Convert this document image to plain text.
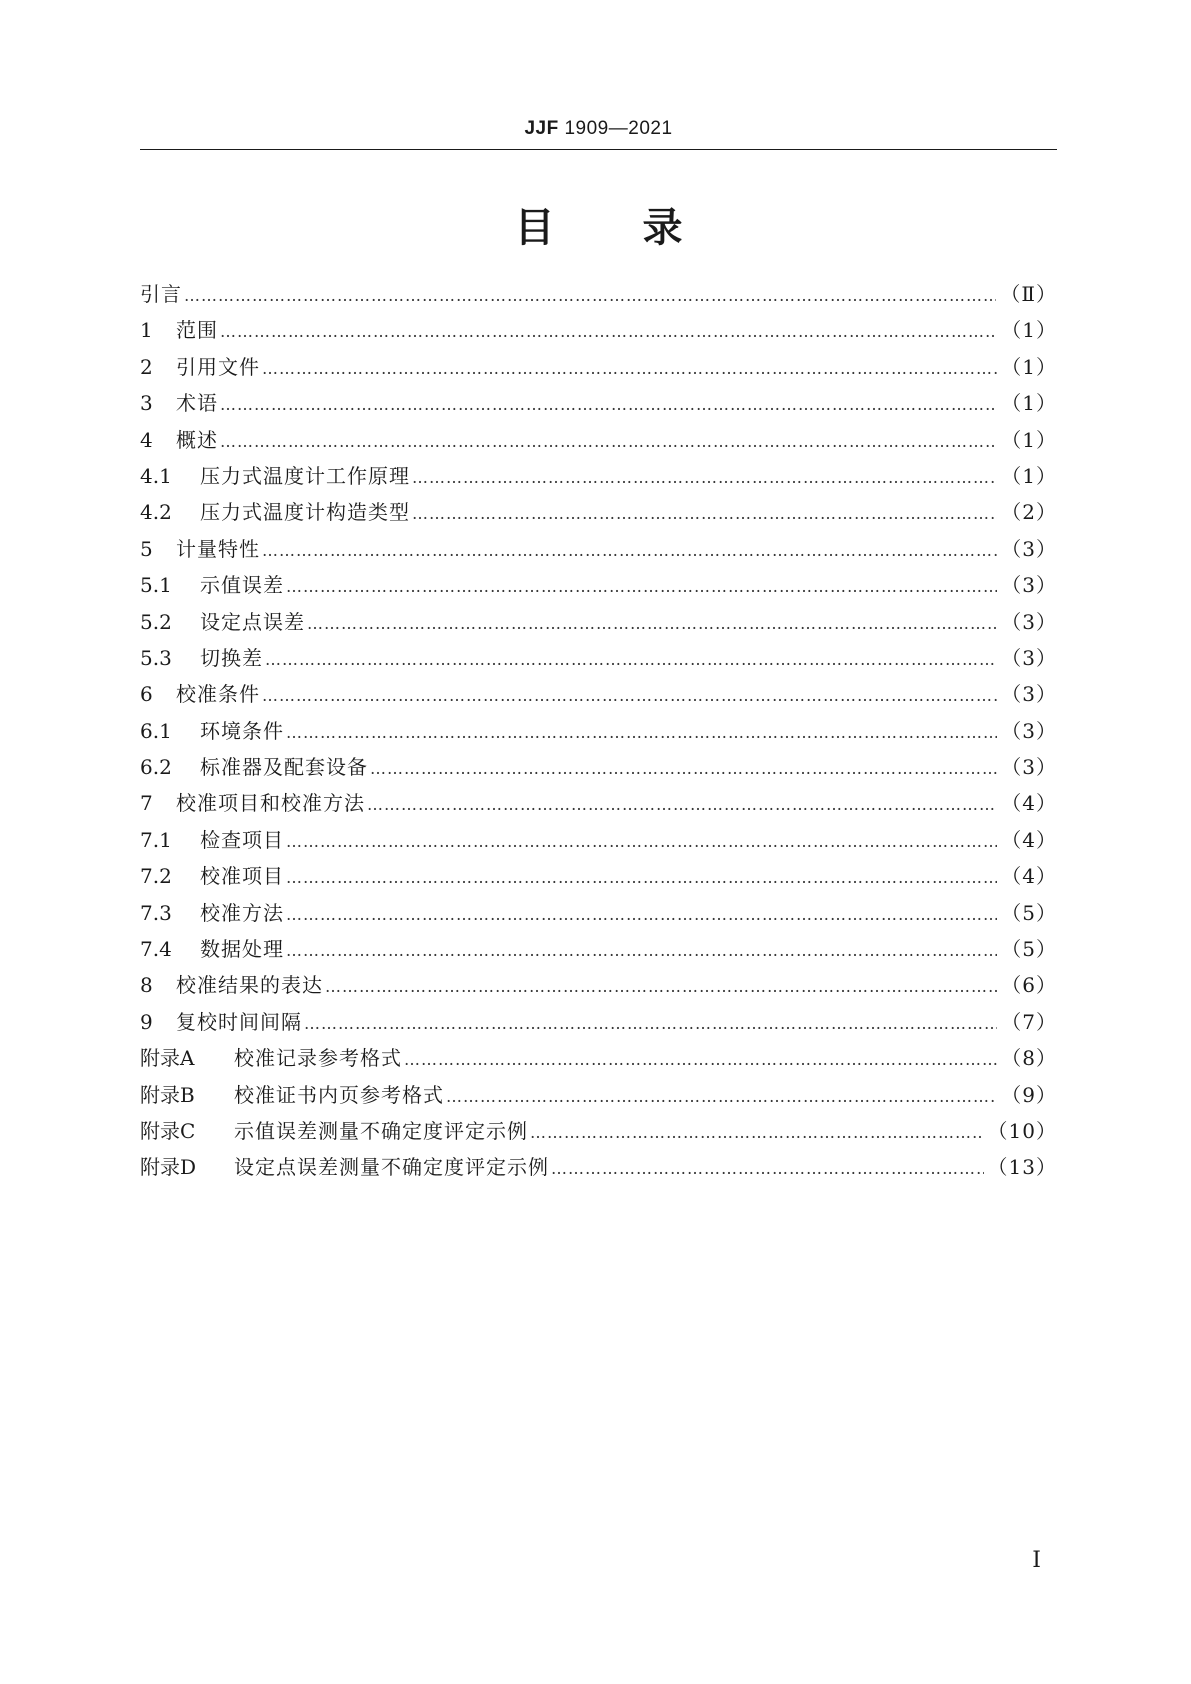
JJF 1909—2021
目 录
引言 …………………………………………………………………………………………………………………………………………………………………………………………………………………………………………	（Ⅱ）
1	范围 …………………………………………………………………………………………………………………………………………………………………………………………………………………………………………	（1）
2	引用文件 …………………………………………………………………………………………………………………………………………………………………………………………………………………………………………	（1）
3	术语 …………………………………………………………………………………………………………………………………………………………………………………………………………………………………………	（1）
4	概述 …………………………………………………………………………………………………………………………………………………………………………………………………………………………………………	（1）
4.1	压力式温度计工作原理 …………………………………………………………………………………………………………………………………………………………………………………………………………………………………………	（1）
4.2	压力式温度计构造类型 …………………………………………………………………………………………………………………………………………………………………………………………………………………………………………	（2）
5	计量特性 …………………………………………………………………………………………………………………………………………………………………………………………………………………………………………	（3）
5.1	示值误差 …………………………………………………………………………………………………………………………………………………………………………………………………………………………………………	（3）
5.2	设定点误差 …………………………………………………………………………………………………………………………………………………………………………………………………………………………………………	（3）
5.3	切换差 …………………………………………………………………………………………………………………………………………………………………………………………………………………………………………	（3）
6	校准条件 …………………………………………………………………………………………………………………………………………………………………………………………………………………………………………	（3）
6.1	环境条件 …………………………………………………………………………………………………………………………………………………………………………………………………………………………………………	（3）
6.2	标准器及配套设备 …………………………………………………………………………………………………………………………………………………………………………………………………………………………………………	（3）
7	校准项目和校准方法 …………………………………………………………………………………………………………………………………………………………………………………………………………………………………………	（4）
7.1	检查项目 …………………………………………………………………………………………………………………………………………………………………………………………………………………………………………	（4）
7.2	校准项目 …………………………………………………………………………………………………………………………………………………………………………………………………………………………………………	（4）
7.3	校准方法 …………………………………………………………………………………………………………………………………………………………………………………………………………………………………………	（5）
7.4	数据处理 …………………………………………………………………………………………………………………………………………………………………………………………………………………………………………	（5）
8	校准结果的表达 …………………………………………………………………………………………………………………………………………………………………………………………………………………………………………	（6）
9	复校时间间隔 …………………………………………………………………………………………………………………………………………………………………………………………………………………………………………	（7）
附录A	校准记录参考格式 …………………………………………………………………………………………………………………………………………………………………………………………………………………………………………	（8）
附录B	校准证书内页参考格式 …………………………………………………………………………………………………………………………………………………………………………………………………………………………………………	（9）
附录C	示值误差测量不确定度评定示例 …………………………………………………………………………………………………………………………………………………………………………………………………………………………………………	（10）
附录D	设定点误差测量不确定度评定示例 …………………………………………………………………………………………………………………………………………………………………………………………………………………………………………	（13）
Ⅰ
